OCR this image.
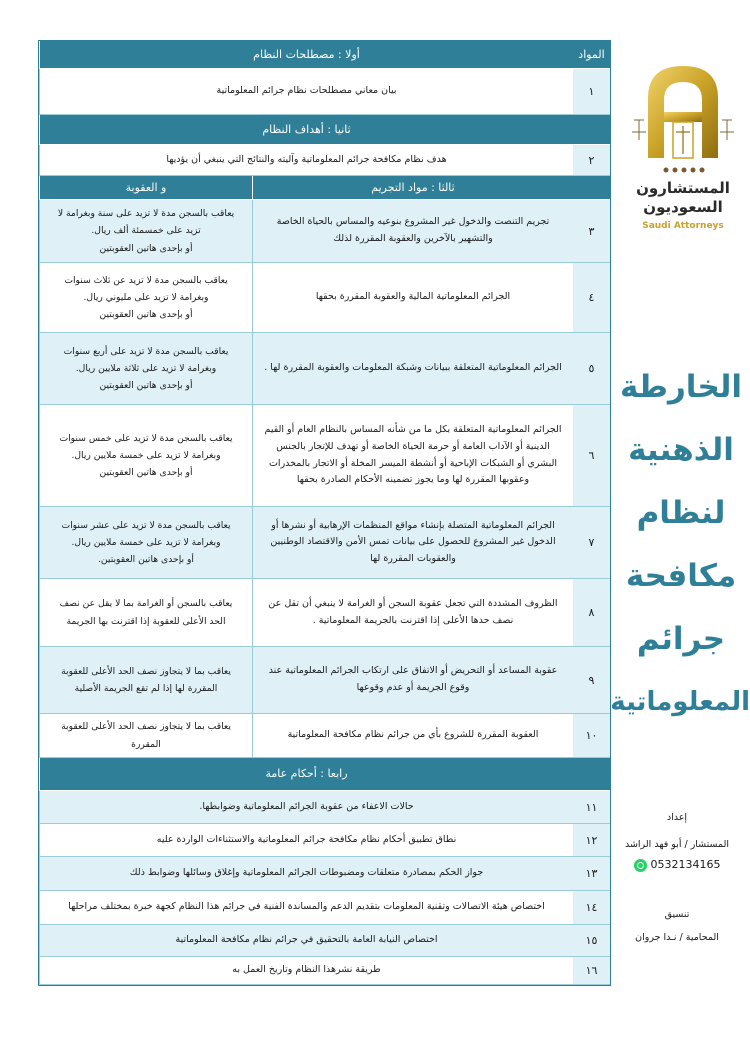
المواد
أولا : مصطلحات النظام
١
بيان معاني مصطلحات نظام جرائم المعلوماتية
ثانيا : أهداف النظام
٢
هدف نظام مكافحة جرائم المعلوماتية وآليته والنتائج التي ينبغي أن يؤديها
ثالثا : مواد التجريم
و العقوبة
٣
تجريم التنصت والدخول غير المشروع بنوعيه والمساس بالحياة الخاصة والتشهير بالآخرين والعقوبة المقررة لذلك
يعاقب بالسجن مدة لا تزيد على سنة وبغرامة لا
تزيد على خمسمئة ألف ريال.
أو بإحدى هاتين العقوبتين
٤
الجرائم المعلوماتية المالية والعقوبة المقررة بحقها
يعاقب بالسجن مدة لا تزيد عن ثلاث سنوات
وبغرامة لا تزيد على مليوني ريال.
أو بإحدى هاتين العقوبتين
٥
الجرائم المعلوماتية المتعلقة ببيانات وشبكة المعلومات والعقوبة المقررة لها .
يعاقب بالسجن مدة لا تزيد على أربع سنوات
وبغرامة لا تزيد على ثلاثة ملايين ريال.
أو بإحدى هاتين العقوبتين
٦
الجرائم المعلوماتية المتعلقة بكل ما من شأنه المساس بالنظام العام أو القيم الدينية أو الآداب العامة أو حرمة الحياة الخاصة أو تهدف للإتجار بالجنس البشري أو الشبكات الإباحية أو أنشطة الميسر المخلة أو الاتجار بالمخدرات وعقوبها المقررة لها وما يجوز تضمينه الأحكام الصادرة بحقها
يعاقب بالسجن مدة لا تزيد على خمس سنوات
وبغرامة لا تزيد على خمسة ملايين ريال.
أو بإحدى هاتين العقوبتين
٧
الجرائم المعلوماتية المتصلة بإنشاء مواقع المنظمات الإرهابية أو نشرها أو الدخول غير المشروع للحصول على بيانات تمس الأمن والاقتصاد الوطنيين والعقوبات المقررة لها
يعاقب بالسجن مدة لا تزيد على عشر سنوات
وبغرامة لا تزيد على خمسة ملايين ريال.
أو بإحدى هاتين العقوبتين.
٨
الظروف المشددة التي تجعل عقوبة السجن أو الغرامة لا ينبغي أن تقل عن نصف حدها الأعلى إذا اقترنت بالجريمة المعلوماتية .
يعاقب بالسجن أو الغرامة بما لا يقل عن نصف
الحد الأعلى للعقوبة إذا اقترنت بها الجريمة
٩
عقوبة المساعد أو التحريض أو الاتفاق على ارتكاب الجرائم المعلوماتية عند وقوع الجريمة أو عدم وقوعها
يعاقب بما لا يتجاوز نصف الحد الأعلى للعقوبة
المقررة لها إذا لم تقع الجريمة الأصلية
١٠
العقوبة المقررة للشروع بأي من جرائم نظام مكافحة المعلوماتية
يعاقب بما لا يتجاوز نصف الحد الأعلى للعقوبة
المقررة
رابعا : أحكام عامة
١١
حالات الاعفاء من عقوبة الجرائم المعلوماتية وضوابطها.
١٢
نطاق تطبيق أحكام نظام مكافحة جرائم المعلوماتية والاستثناءات الواردة عليه
١٣
جواز الحكم بمصادرة متعلقات ومضبوطات الجرائم المعلوماتية وإغلاق وسائلها وضوابط ذلك
١٤
اختصاص هيئة الاتصالات وتقنية المعلومات بتقديم الدعم والمساندة الفنية في جرائم هذا النظام كجهة خبرة بمختلف مراحلها
١٥
اختصاص النيابة العامة بالتحقيق في جرائم نظام مكافحة المعلوماتية
١٦
طريقة نشرهذا النظام وتاريخ العمل به
المستشارون
السعوديون
Saudi Attorneys
الخارطة
الذهنية
لنظام
مكافحة
جرائم
المعلوماتية
إعداد
المستشار / أبو فهد الراشد
0532134165
تنسيق
المحامية / نـدا جروان
